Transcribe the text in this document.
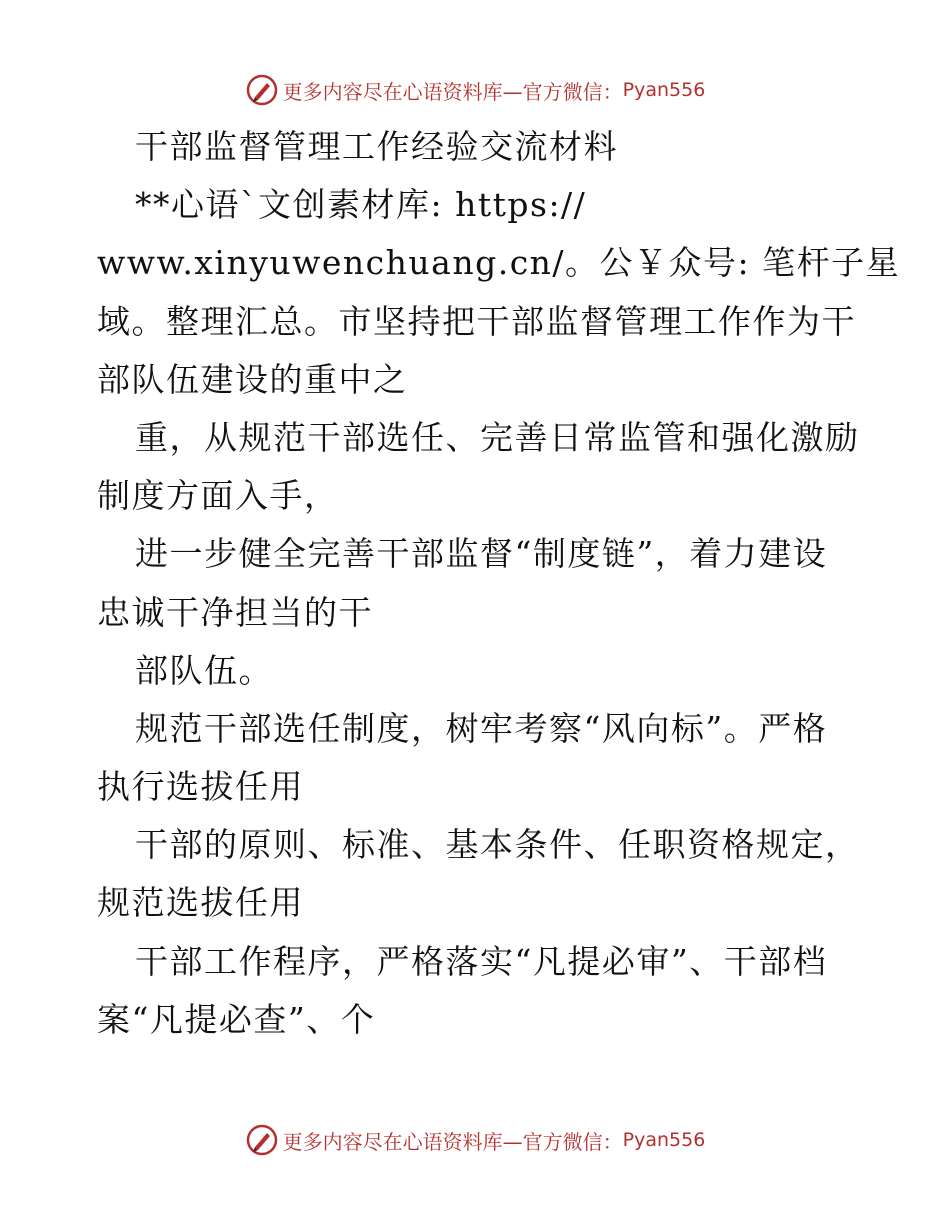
更多内容尽在心语资料库—官方微信： Pyan556
干部监督管理工作经验交流材料
**心语`文创素材库: https://
www.xinyuwenchuang.cn/。公￥众号: 笔杆子星
域。整理汇总。市坚持把干部监督管理工作作为干
部队伍建设的重中之
重，从规范干部选任、完善日常监管和强化激励
制度方面入手，
进一步健全完善干部监督“制度链”，着力建设
忠诚干净担当的干
部队伍。
规范干部选任制度，树牢考察“风向标”。严格
执行选拔任用
干部的原则、标准、基本条件、任职资格规定，
规范选拔任用
干部工作程序，严格落实“凡提必审”、干部档
案“凡提必查”、个
更多内容尽在心语资料库—官方微信： Pyan556
